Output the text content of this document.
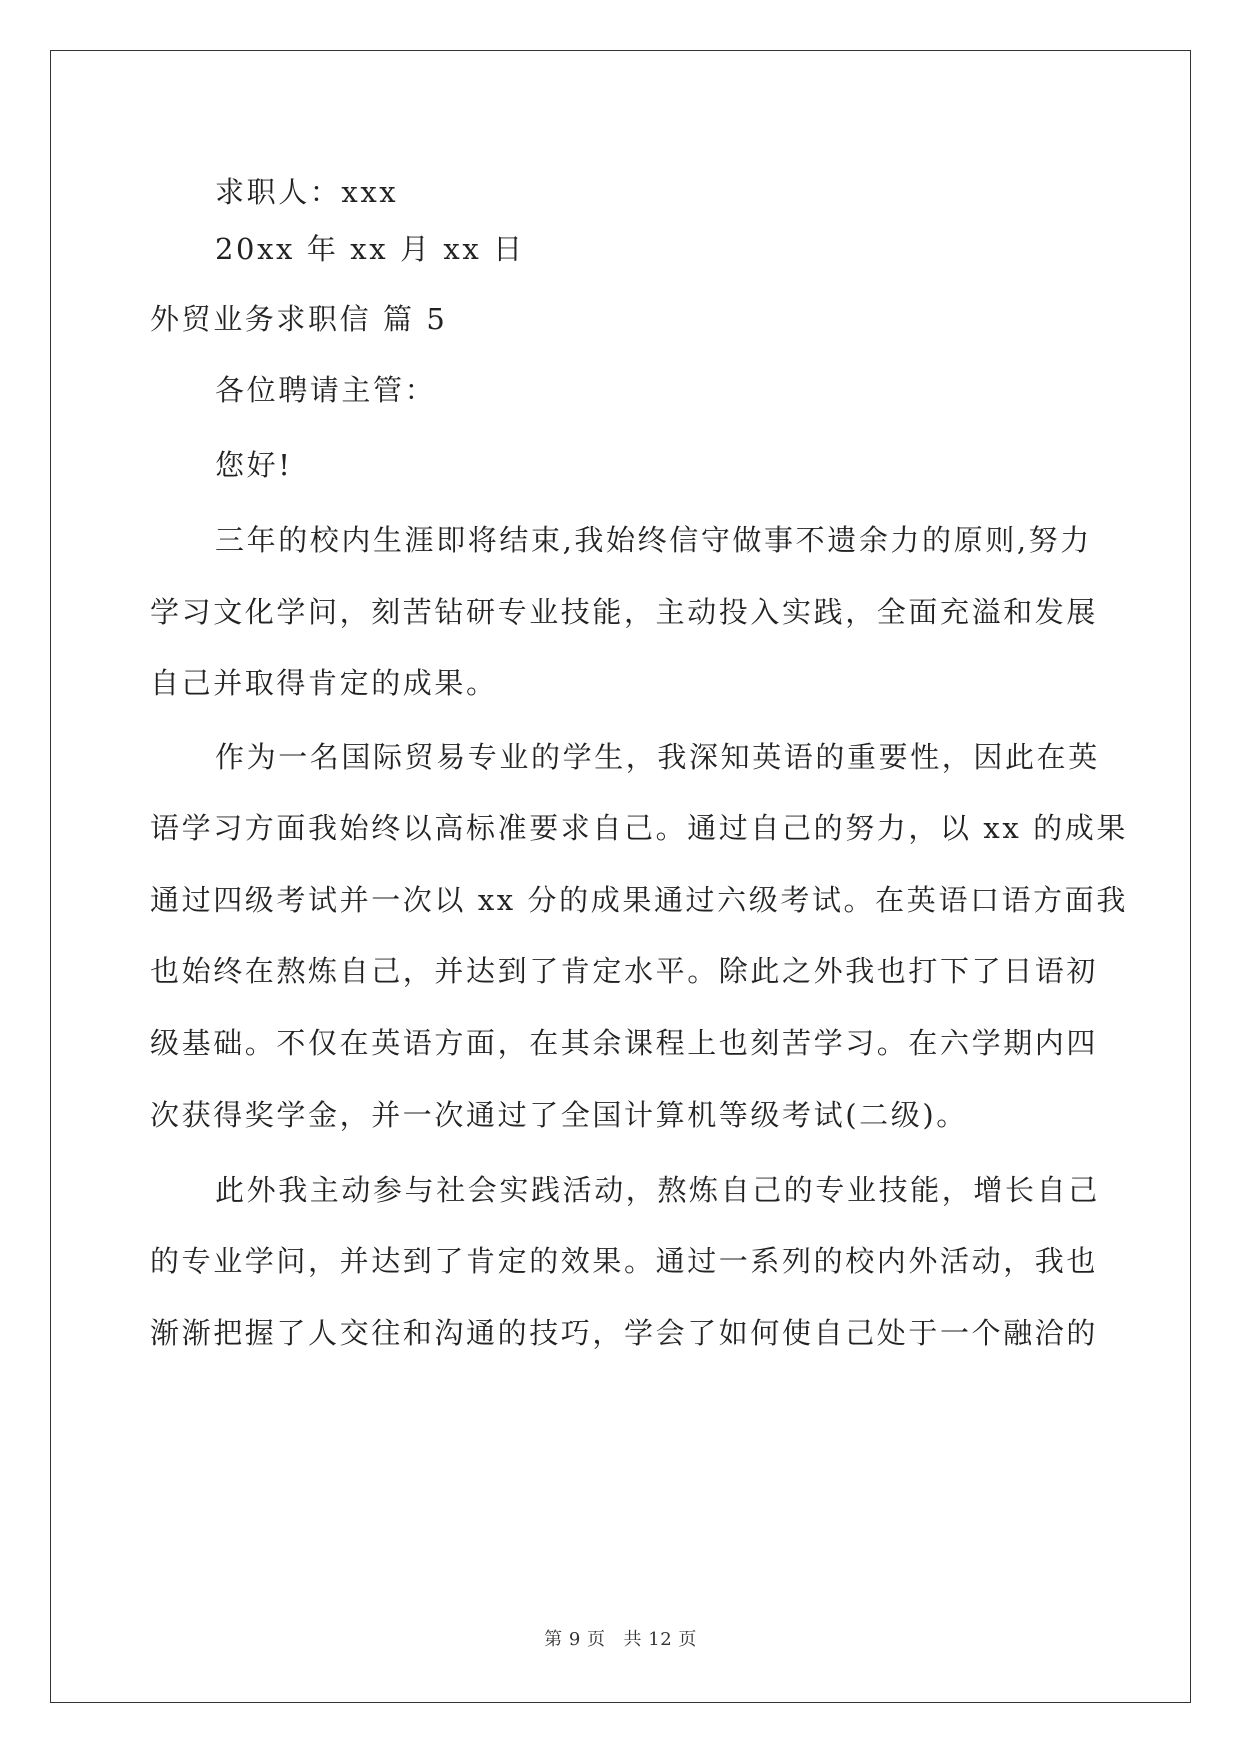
求职人：xxx
20xx 年 xx 月 xx 日
外贸业务求职信 篇 5
各位聘请主管：
您好!
三年的校内生涯即将结束,我始终信守做事不遗余力的原则,努力
学习文化学问，刻苦钻研专业技能，主动投入实践，全面充溢和发展
自己并取得肯定的成果。
作为一名国际贸易专业的学生，我深知英语的重要性，因此在英
语学习方面我始终以高标准要求自己。通过自己的努力，以 xx 的成果
通过四级考试并一次以 xx 分的成果通过六级考试。在英语口语方面我
也始终在熬炼自己，并达到了肯定水平。除此之外我也打下了日语初
级基础。不仅在英语方面，在其余课程上也刻苦学习。在六学期内四
次获得奖学金，并一次通过了全国计算机等级考试(二级)。
此外我主动参与社会实践活动，熬炼自己的专业技能，增长自己
的专业学问，并达到了肯定的效果。通过一系列的校内外活动，我也
渐渐把握了人交往和沟通的技巧，学会了如何使自己处于一个融洽的
第 9 页 共 12 页
